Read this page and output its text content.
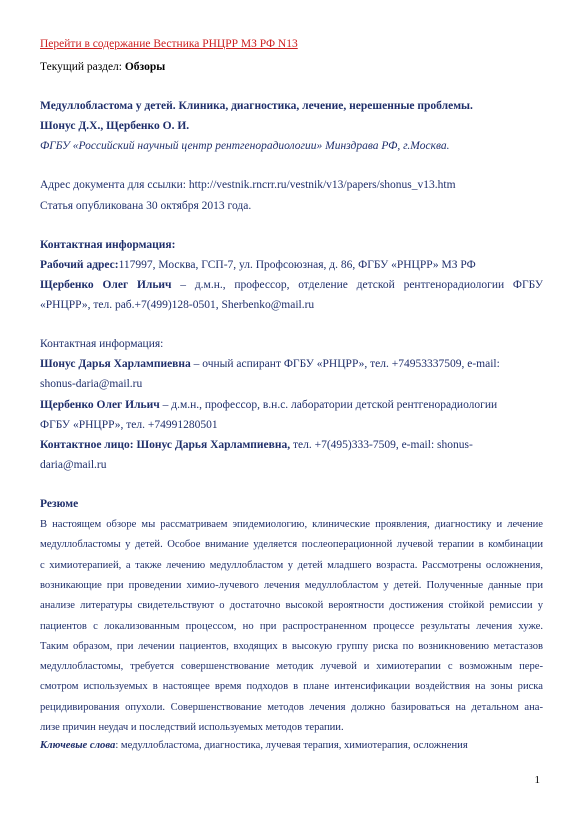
Перейти в содержание Вестника РНЦРР МЗ РФ N13
Текущий раздел: Обзоры
Медуллобластома у детей. Клиника, диагностика, лечение, нерешенные проблемы.
Шонус Д.Х., Щербенко О. И.
ФГБУ «Российский научный центр рентгенорадиологии» Минздрава РФ, г.Москва.
Адрес документа для ссылки: http://vestnik.rncrr.ru/vestnik/v13/papers/shonus_v13.htm
Статья опубликована 30 октября 2013 года.
Контактная информация:
Рабочий адрес:117997, Москва, ГСП-7, ул. Профсоюзная, д. 86, ФГБУ «РНЦРР» МЗ РФ
Щербенко Олег Ильич – д.м.н., профессор, отделение детской рентгенорадиологии ФГБУ
«РНЦРР», тел. раб.+7(499)128-0501, Sherbenko@mail.ru
Контактная информация:
Шонус Дарья Харлампиевна – очный аспирант ФГБУ «РНЦРР», тел. +74953337509, e-mail:
shonus-daria@mail.ru
Щербенко Олег Ильич – д.м.н., профессор, в.н.с. лаборатории детской рентгенорадиологии
ФГБУ «РНЦРР», тел. +74991280501
Контактное лицо: Шонус Дарья Харлампиевна, тел. +7(495)333-7509, e-mail: shonus-
daria@mail.ru
Резюме
В настоящем обзоре мы рассматриваем эпидемиологию, клинические проявления, диагностику и лечение
медуллобластомы у детей. Особое внимание уделяется послеоперационной лучевой терапии в комбинации
с химиотерапией, а также лечению медуллобластом у детей младшего возраста. Рассмотрены осложнения,
возникающие при проведении химио-лучевого лечения медуллобластом у детей. Полученные данные при
анализе литературы свидетельствуют о достаточно высокой вероятности достижения стойкой ремиссии у
пациентов с локализованным процессом, но при распространенном процессе результаты лечения хуже.
Таким образом, при лечении пациентов, входящих в высокую группу риска по возникновению метастазов
медуллобластомы, требуется совершенствование методик лучевой и химиотерапии с возможным пере-
смотром используемых в настоящее время подходов в плане интенсификации воздействия на зоны риска
рецидивирования опухоли. Совершенствование методов лечения должно базироваться на детальном ана-
лизе причин неудач и последствий используемых методов терапии.
Ключевые слова: медуллобластома, диагностика, лучевая терапия, химиотерапия, осложнения
1
